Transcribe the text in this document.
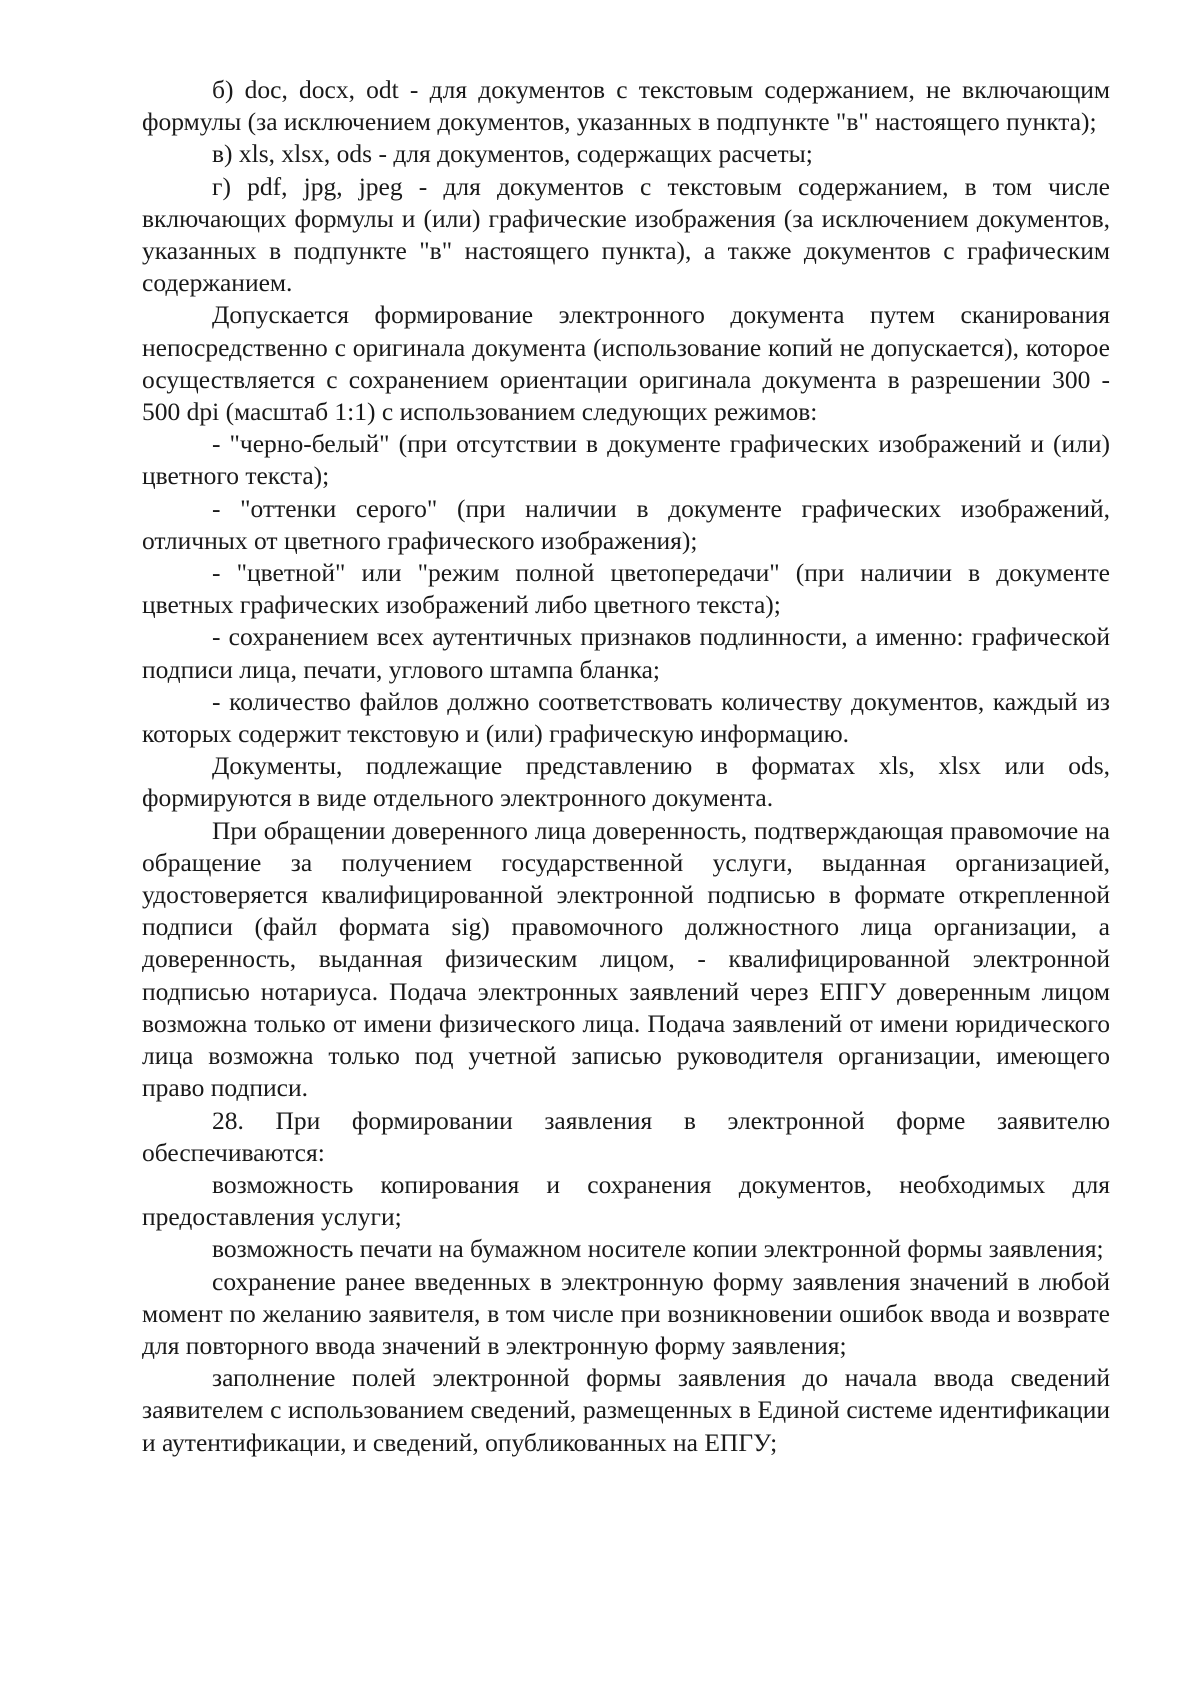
б) doc, docx, odt - для документов с текстовым содержанием, не включающим формулы (за исключением документов, указанных в подпункте "в" настоящего пункта);

в) xls, xlsx, ods - для документов, содержащих расчеты;

г) pdf, jpg, jpeg - для документов с текстовым содержанием, в том числе включающих формулы и (или) графические изображения (за исключением документов, указанных в подпункте "в" настоящего пункта), а также документов с графическим содержанием.

Допускается формирование электронного документа путем сканирования непосредственно с оригинала документа (использование копий не допускается), которое осуществляется с сохранением ориентации оригинала документа в разрешении 300 - 500 dpi (масштаб 1:1) с использованием следующих режимов:

- "черно-белый" (при отсутствии в документе графических изображений и (или) цветного текста);

- "оттенки серого" (при наличии в документе графических изображений, отличных от цветного графического изображения);

- "цветной" или "режим полной цветопередачи" (при наличии в документе цветных графических изображений либо цветного текста);

- сохранением всех аутентичных признаков подлинности, а именно: графической подписи лица, печати, углового штампа бланка;

- количество файлов должно соответствовать количеству документов, каждый из которых содержит текстовую и (или) графическую информацию.

Документы, подлежащие представлению в форматах xls, xlsx или ods, формируются в виде отдельного электронного документа.

При обращении доверенного лица доверенность, подтверждающая правомочие на обращение за получением государственной услуги, выданная организацией, удостоверяется квалифицированной электронной подписью в формате открепленной подписи (файл формата sig) правомочного должностного лица организации, а доверенность, выданная физическим лицом, - квалифицированной электронной подписью нотариуса. Подача электронных заявлений через ЕПГУ доверенным лицом возможна только от имени физического лица. Подача заявлений от имени юридического лица возможна только под учетной записью руководителя организации, имеющего право подписи.

28. При формировании заявления в электронной форме заявителю обеспечиваются:

возможность копирования и сохранения документов, необходимых для предоставления услуги;

возможность печати на бумажном носителе копии электронной формы заявления;

сохранение ранее введенных в электронную форму заявления значений в любой момент по желанию заявителя, в том числе при возникновении ошибок ввода и возврате для повторного ввода значений в электронную форму заявления;

заполнение полей электронной формы заявления до начала ввода сведений заявителем с использованием сведений, размещенных в Единой системе идентификации и аутентификации, и сведений, опубликованных на ЕПГУ;
